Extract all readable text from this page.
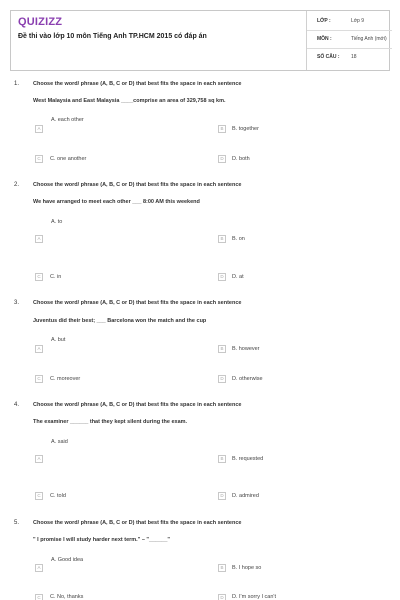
QUIZIZZ
Đề thi vào lớp 10 môn Tiếng Anh TP.HCM 2015 có đáp án
LỚP :	Lớp 9
MÔN :	Tiếng Anh (mới)
SỐ CÂU : 18
1.	Choose the word/ phrase (A, B, C or D) that best fits the space in each sentence
West Malaysia and East Malaysia ____comprise an area of 329,758 sq km.
A. each other
A	B	B. together
C	C. one another	D	D. both
2.	Choose the word/ phrase (A, B, C or D) that best fits the space in each sentence
We have arranged to meet each other ___ 8:00 AM this weekend
A. to
A	B	B. on
C	C. in	D	D. at
3.	Choose the word/ phrase (A, B, C or D) that best fits the space in each sentence
Juventus did their best; ___ Barcelona won the match and the cup
A. but
A	B	B. however
C	C. moreover	D	D. otherwise
4.	Choose the word/ phrase (A, B, C or D) that best fits the space in each sentence
The examiner ______ that they kept silent during the exam.
A. said
A	B	B. requested
C	C. told	D	D. admired
5.	Choose the word/ phrase (A, B, C or D) that best fits the space in each sentence
" I promise I will study harder next term." – "______"
A. Good idea
A	B	B. I hope so
C	C. No, thanks	D	D. I'm sorry I can't
